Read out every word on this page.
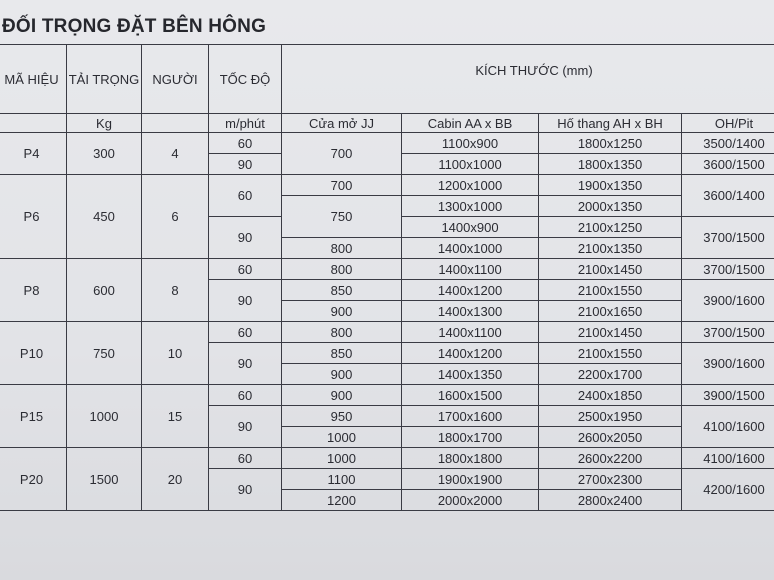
ĐỐI TRỌNG ĐẶT BÊN HÔNG
MÃ HIỆU	TẢI TRỌNG	NGƯỜI	TỐC ĐỘ	KÍCH THƯỚC (mm)			
	Kg		m/phút	Cửa mở JJ	Cabin AA x BB	Hố thang AH x BH	OH/Pit
P4	300	4	60	700	1100x900	1800x1250	3500/1400
			90		1100x1000	1800x1350	3600/1500
P6	450	6	60	700	1200x1000	1900x1350	3600/1400
				750	1300x1000	2000x1350	
			90		1400x900	2100x1250	3700/1500
				800	1400x1000	2100x1350	
P8	600	8	60	800	1400x1100	2100x1450	3700/1500
			90	850	1400x1200	2100x1550	3900/1600
				900	1400x1300	2100x1650	
P10	750	10	60	800	1400x1100	2100x1450	3700/1500
			90	850	1400x1200	2100x1550	3900/1600
				900	1400x1350	2200x1700	
P15	1000	15	60	900	1600x1500	2400x1850	3900/1500
			90	950	1700x1600	2500x1950	4100/1600
				1000	1800x1700	2600x2050	
P20	1500	20	60	1000	1800x1800	2600x2200	4100/1600
			90	1100	1900x1900	2700x2300	4200/1600
				1200	2000x2000	2800x2400	
